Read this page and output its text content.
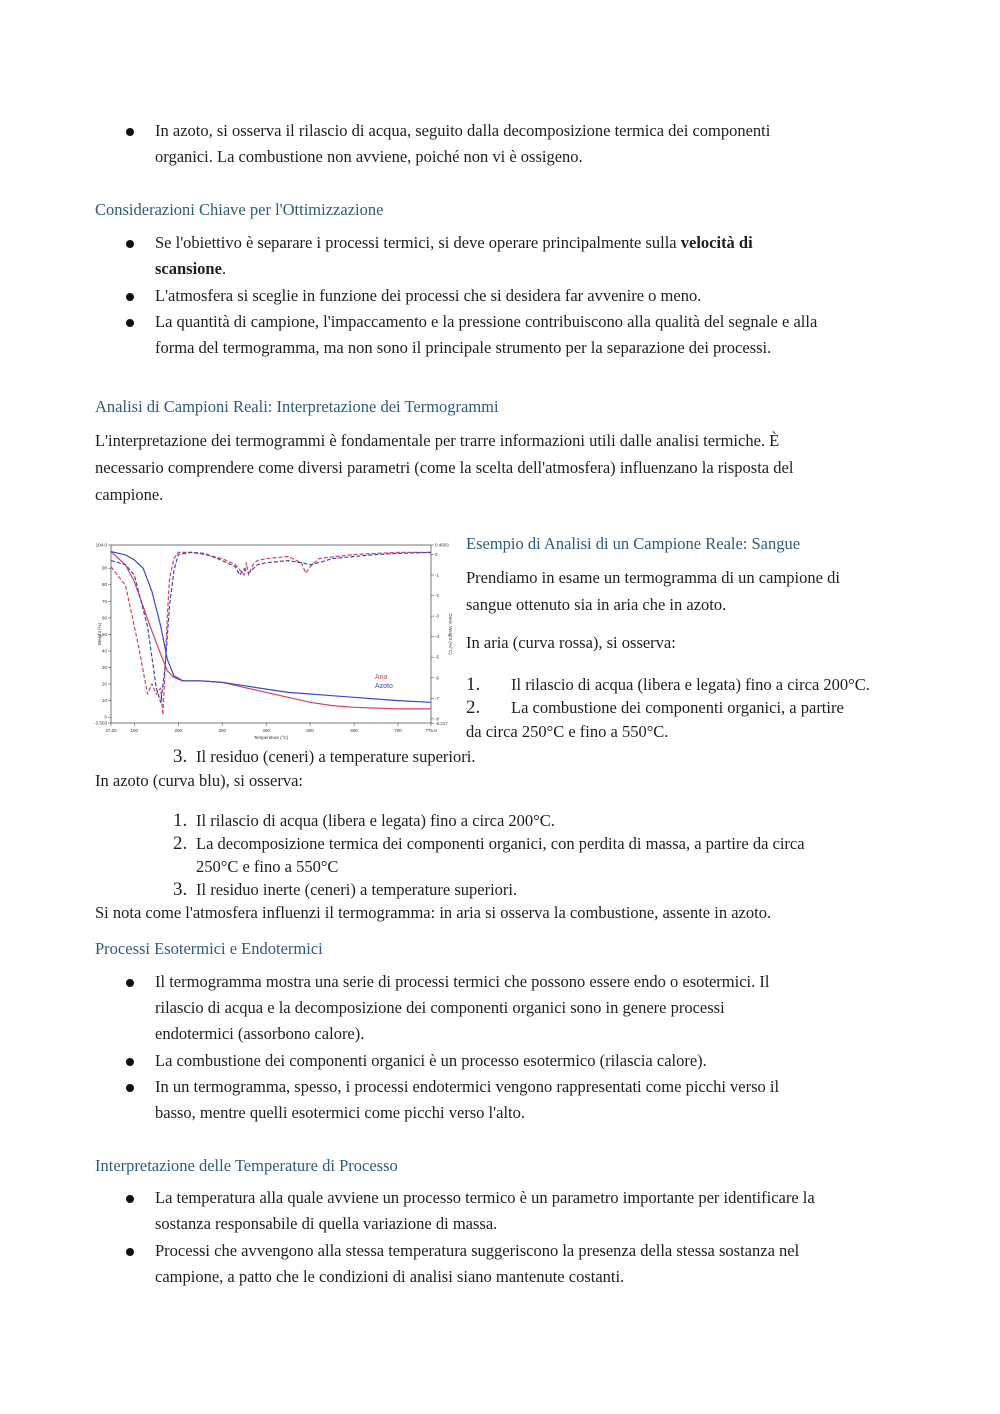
In azoto, si osserva il rilascio di acqua, seguito dalla decomposizione termica dei componenti
organici. La combustione non avviene, poiché non vi è ossigeno.
Considerazioni Chiave per l'Ottimizzazione
Se l'obiettivo è separare i processi termici, si deve operare principalmente sulla velocità di
scansione.
L'atmosfera si sceglie in funzione dei processi che si desidera far avvenire o meno.
La quantità di campione, l'impaccamento e la pressione contribuiscono alla qualità del segnale e alla
forma del termogramma, ma non sono il principale strumento per la separazione dei processi.
Analisi di Campioni Reali: Interpretazione dei Termogrammi
L'interpretazione dei termogrammi è fondamentale per trarre informazioni utili dalle analisi termiche. È
necessario comprendere come diversi parametri (come la scelta dell'atmosfera) influenzano la risposta del
campione.
47.00	100	200	300	400	500	600	700	775.0
Temperature (°C)
-3.503
0
10
20
30
40
50
60
70
80
90
104.0
Weight (%)
0.4603
0
-1
-2
-3
-4
-5
-6
-7
-8
-8.217
Deriv. Weight (%/°C)
Aria
Azoto
Esempio di Analisi di un Campione Reale: Sangue
Prendiamo in esame un termogramma di un campione di
sangue ottenuto sia in aria che in azoto.
In aria (curva rossa), si osserva:
1. Il rilascio di acqua (libera e legata) fino a circa 200°C.
2. La combustione dei componenti organici, a partire
da circa 250°C e fino a 550°C.
3. Il residuo (ceneri) a temperature superiori.
In azoto (curva blu), si osserva:
1. Il rilascio di acqua (libera e legata) fino a circa 200°C.
2. La decomposizione termica dei componenti organici, con perdita di massa, a partire da circa
250°C e fino a 550°C
3. Il residuo inerte (ceneri) a temperature superiori.
Si nota come l'atmosfera influenzi il termogramma: in aria si osserva la combustione, assente in azoto.
Processi Esotermici e Endotermici
Il termogramma mostra una serie di processi termici che possono essere endo o esotermici. Il
rilascio di acqua e la decomposizione dei componenti organici sono in genere processi
endotermici (assorbono calore).
La combustione dei componenti organici è un processo esotermico (rilascia calore).
In un termogramma, spesso, i processi endotermici vengono rappresentati come picchi verso il
basso, mentre quelli esotermici come picchi verso l'alto.
Interpretazione delle Temperature di Processo
La temperatura alla quale avviene un processo termico è un parametro importante per identificare la
sostanza responsabile di quella variazione di massa.
Processi che avvengono alla stessa temperatura suggeriscono la presenza della stessa sostanza nel
campione, a patto che le condizioni di analisi siano mantenute costanti.
